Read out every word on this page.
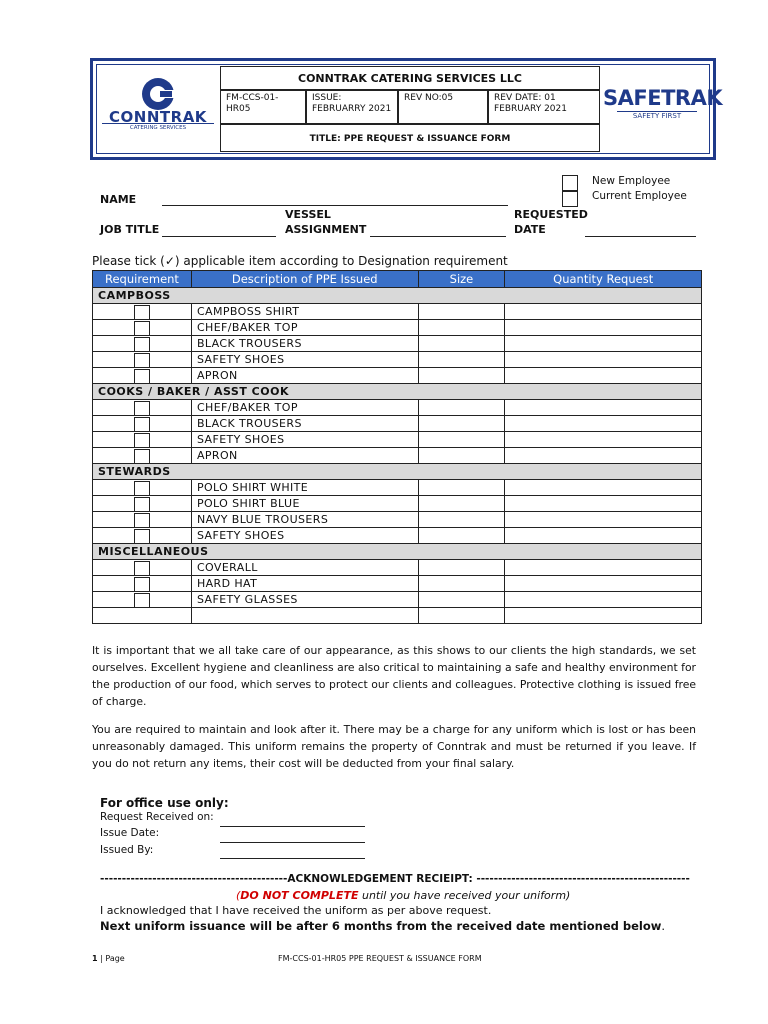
CONNTRAK
CATERING SERVICES
CONNTRAK CATERING SERVICES LLC
FM-CCS-01-HR05
ISSUE: FEBRUARRY 2021
REV NO:05	REV DATE: 01 FEBRUARY 2021
TITLE: PPE REQUEST & ISSUANCE FORM
SAFETRAK
SAFETY FIRST
New Employee
Current Employee
NAME
JOB TITLE
VESSEL
ASSIGNMENT
REQUESTED
DATE
Please tick (✓) applicable item according to Designation requirement
Requirement	Description of PPE Issued	Size	Quantity Request
CAMPBOSS			

	CAMPBOSS SHIRT		

	CHEF/BAKER TOP		

	BLACK TROUSERS		

	SAFETY SHOES		

	APRON		
COOKS / BAKER / ASST COOK			

	CHEF/BAKER TOP		

	BLACK TROUSERS		

	SAFETY SHOES		

	APRON		
STEWARDS			

	POLO SHIRT WHITE		

	POLO SHIRT BLUE		

	NAVY BLUE TROUSERS		

	SAFETY SHOES		
MISCELLANEOUS			

	COVERALL		

	HARD HAT		

	SAFETY GLASSES		

It is important that we all take care of our appearance, as this shows to our clients the high standards, we set ourselves. Excellent hygiene and cleanliness are also critical to maintaining a safe and healthy environment for the production of our food, which serves to protect our clients and colleagues. Protective clothing is issued free of charge.
You are required to maintain and look after it. There may be a charge for any uniform which is lost or has been unreasonably damaged. This uniform remains the property of Conntrak and must be returned if you leave. If you do not return any items, their cost will be deducted from your final salary.
For office use only:
Request Received on:
Issue Date:
Issued By:
-------------------------------------------ACKNOWLEDGEMENT RECIEIPT: -------------------------------------------------
(DO NOT COMPLETE until you have received your uniform)
I acknowledged that I have received the uniform as per above request.
Next uniform issuance will be after 6 months from the received date mentioned below.
1 | Page	FM-CCS-01-HR05 PPE REQUEST & ISSUANCE FORM
